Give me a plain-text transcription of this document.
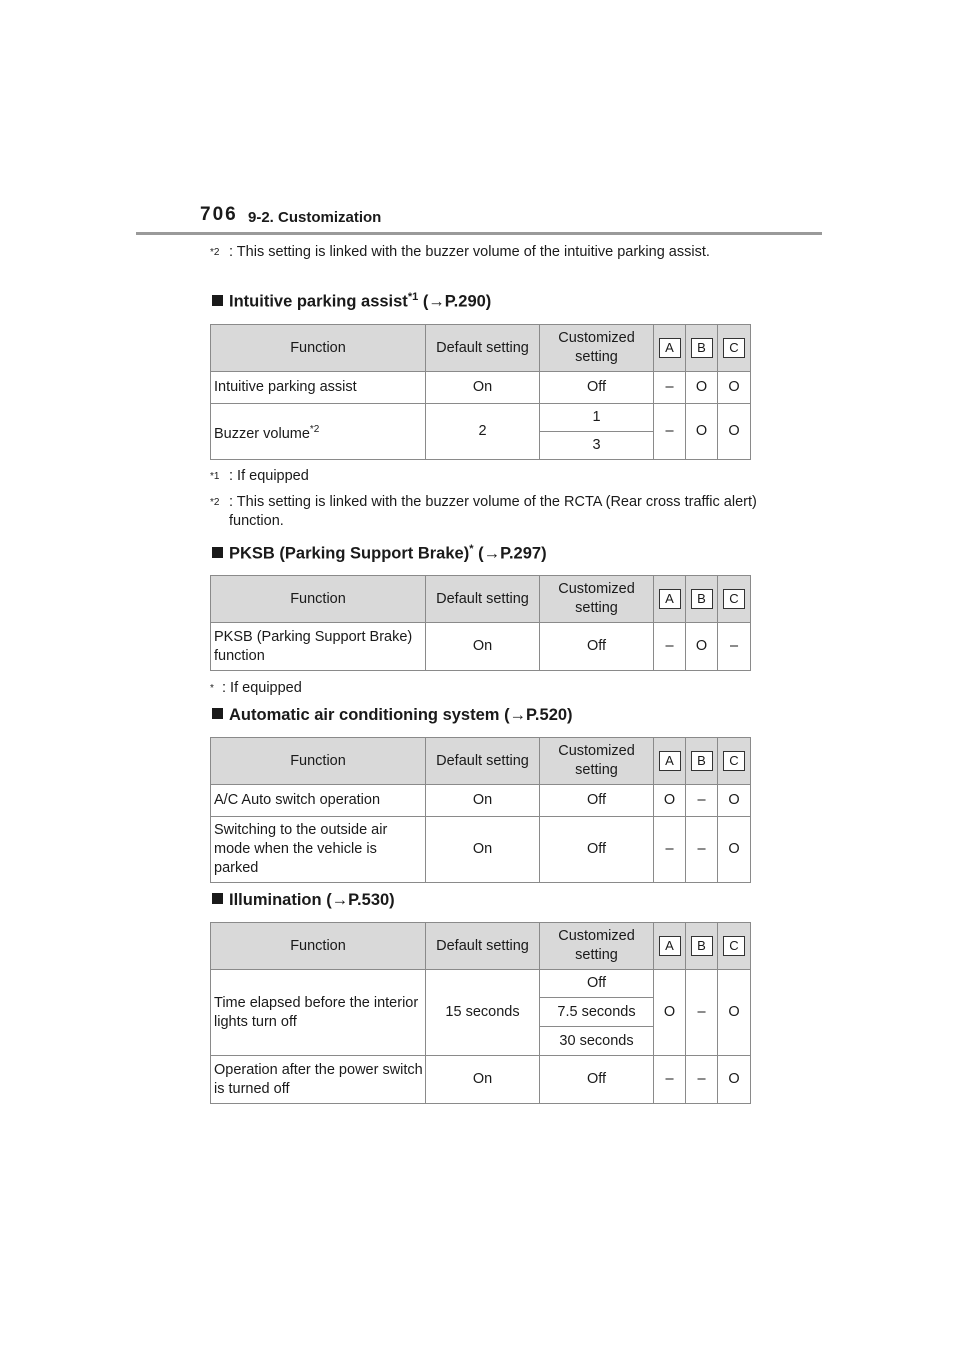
706 9-2. Customization
$^{*2}$ : This setting is linked with the buzzer volume of the intuitive parking assist.
Intuitive parking assist$^{*1}$ (→P.290)
Function	Default setting	Customized setting	A	B	C
Intuitive parking assist	On	Off	–	O	O
Buzzer volume$^{*2}$	2	1	–	O	O
		3			
$^{*1}$ : If equipped
$^{*2}$ : This setting is linked with the buzzer volume of the RCTA (Rear cross traffic alert) function.
PKSB (Parking Support Brake)* (→P.297)
Function	Default setting	Customized setting	A	B	C
PKSB (Parking Support Brake) function	On	Off	–	O	–
* : If equipped
Automatic air conditioning system (→P.520)
Function	Default setting	Customized setting	A	B	C
A/C Auto switch operation	On	Off	O	–	O
Switching to the outside air mode when the vehicle is parked	On	Off	–	–	O
Illumination (→P.530)
Function	Default setting	Customized setting	A	B	C
Time elapsed before the interior lights turn off	15 seconds	Off	O	–	O
		7.5 seconds			
		30 seconds			
Operation after the power switch is turned off	On	Off	–	–	O
